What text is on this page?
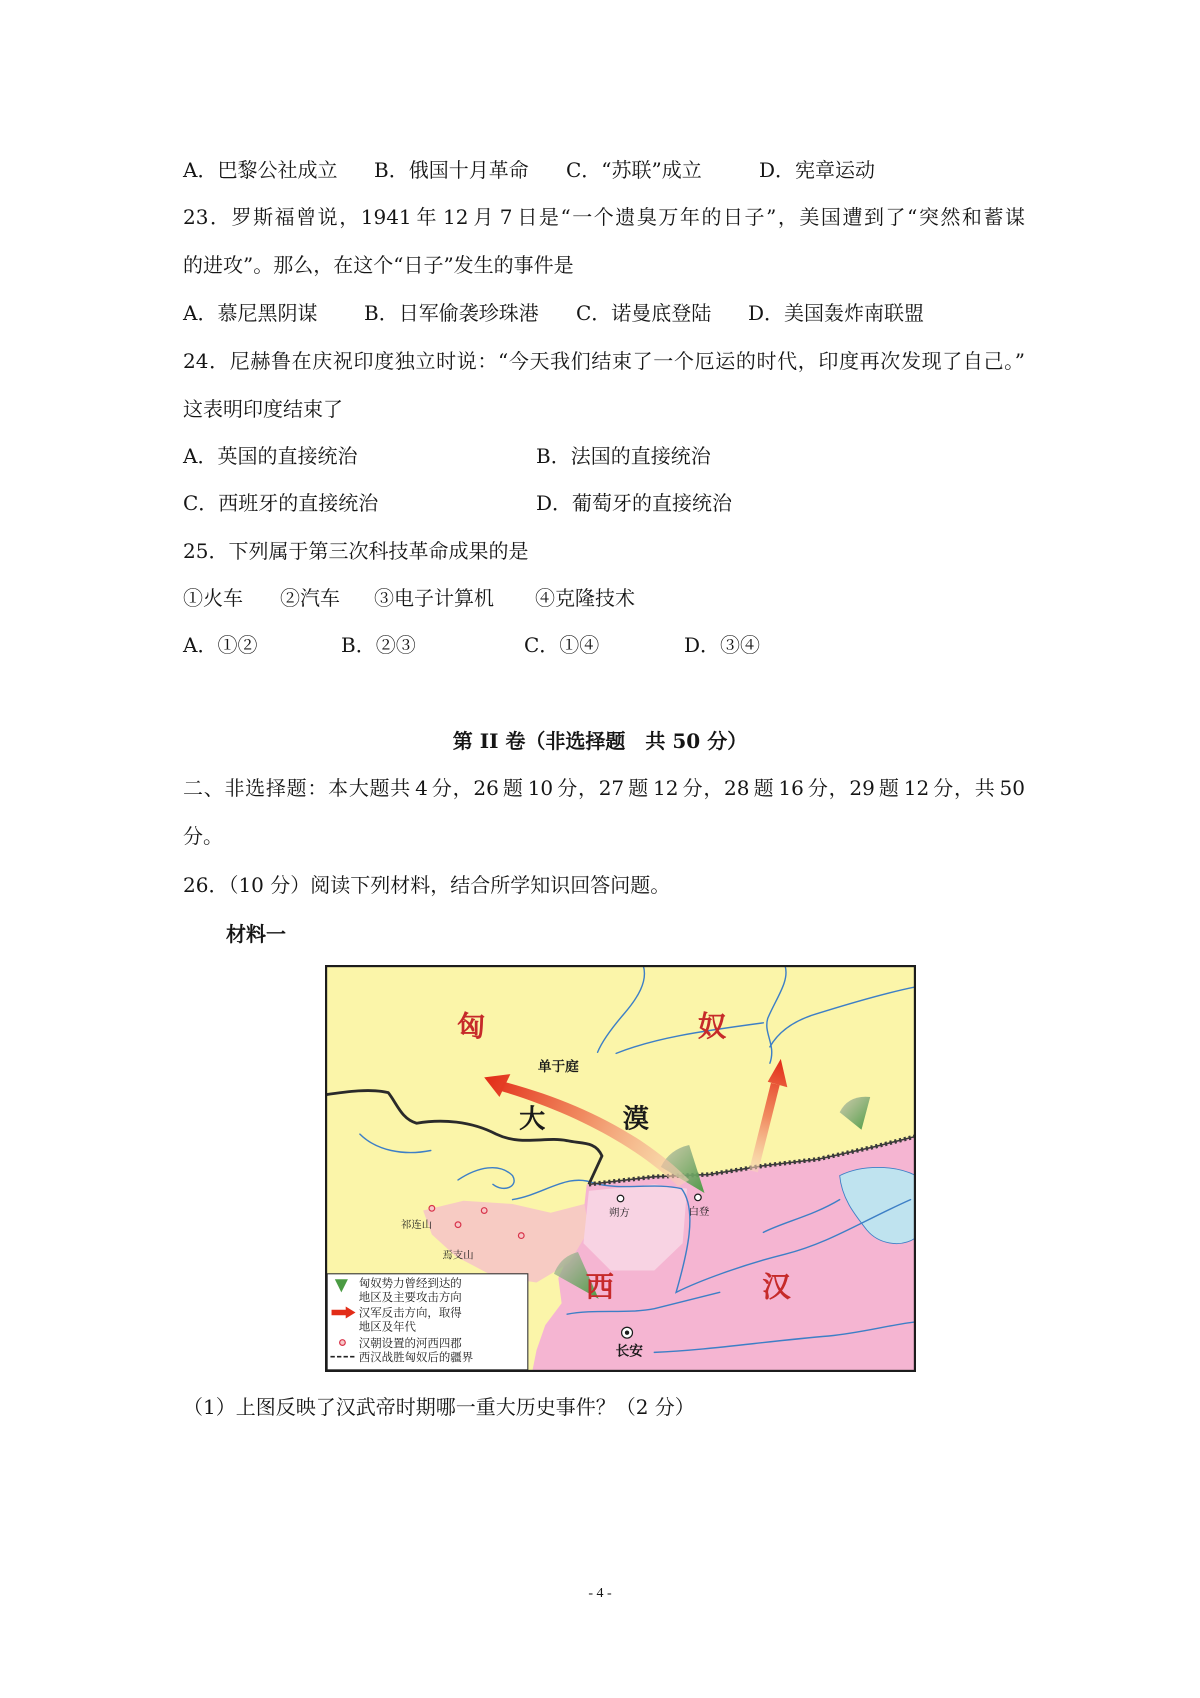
A．巴黎公社成立 B．俄国十月革命 C．“苏联”成立	D．宪章运动
23．罗斯福曾说，1941 年 12 月 7 日是“一个遗臭万年的日子”，美国遭到了“突然和蓄谋
的进攻”。那么，在这个“日子”发生的事件是
A．慕尼黑阴谋 B．日军偷袭珍珠港 C．诺曼底登陆 D．美国轰炸南联盟
24．尼赫鲁在庆祝印度独立时说：“今天我们结束了一个厄运的时代，印度再次发现了自己。”
这表明印度结束了
A．英国的直接统治	B．法国的直接统治
C．西班牙的直接统治	D．葡萄牙的直接统治
25．下列属于第三次科技革命成果的是
①火车 ②汽车 ③电子计算机 ④克隆技术
A．①②	B．②③	C．①④	D．③④
第 II 卷（非选择题　共 50 分）
二、非选择题：本大题共 4 分，26 题 10 分，27 题 12 分，28 题 16 分，29 题 12 分，共 50
分。
26．（10 分）阅读下列材料，结合所学知识回答问题。
材料一
匈	奴
单于庭
大	漠
朔方	白登
祁连山
焉支山
西	汉
长安
匈奴势力曾经到达的
地区及主要攻击方向
汉军反击方向，取得
地区及年代
汉朝设置的河西四郡
西汉战胜匈奴后的疆界
（1）上图反映了汉武帝时期哪一重大历史事件？（2 分）
- 4 -
